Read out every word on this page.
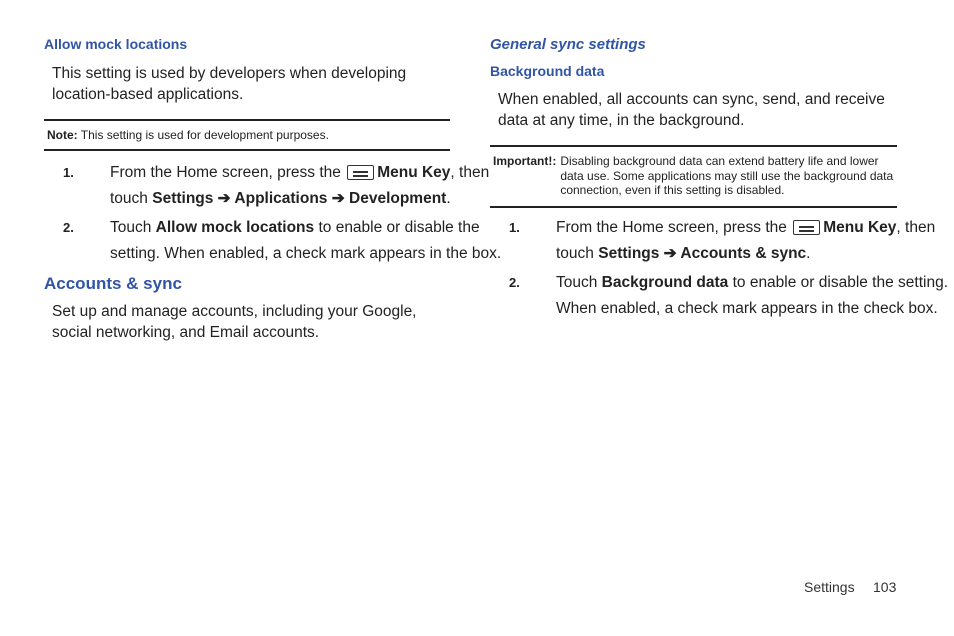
Allow mock locations
This setting is used by developers when developing location-based applications.
Note: This setting is used for development purposes.
1. From the Home screen, press the Menu Key, then
touch Settings ➔ Applications ➔ Development.
2. Touch Allow mock locations to enable or disable the
setting. When enabled, a check mark appears in the box.
Accounts & sync
Set up and manage accounts, including your Google, social networking, and Email accounts.
General sync settings
Background data
When enabled, all accounts can sync, send, and receive data at any time, in the background.
Important!: Disabling background data can extend battery life and lower data use. Some applications may still use the background data connection, even if this setting is disabled.
1. From the Home screen, press the Menu Key, then
touch Settings ➔ Accounts & sync.
2. Touch Background data to enable or disable the setting.
When enabled, a check mark appears in the check box.
Settings 103
